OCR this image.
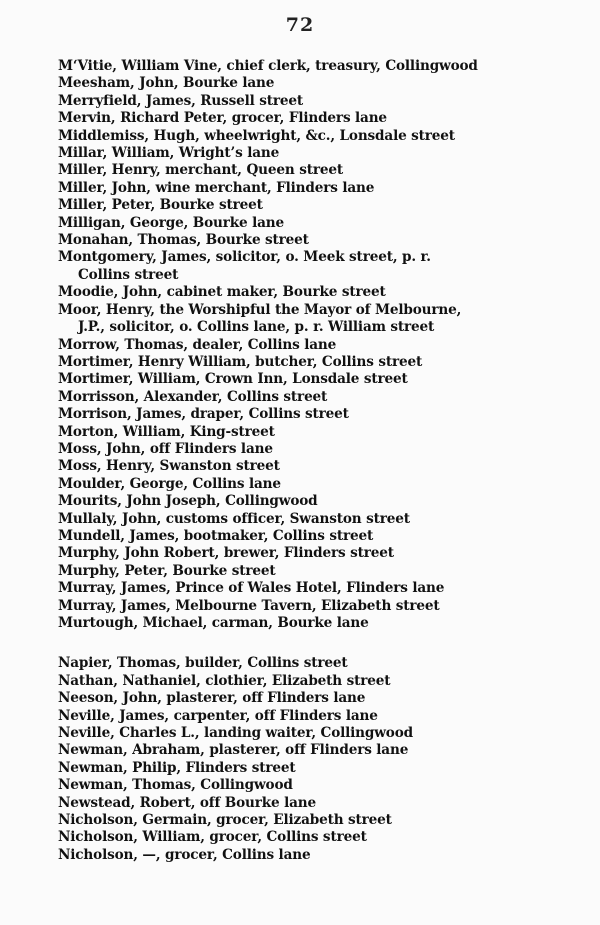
72
M‘Vitie, William Vine, chief clerk, treasury, Collingwood
Meesham, John, Bourke lane
Merryfield, James, Russell street
Mervin, Richard Peter, grocer, Flinders lane
Middlemiss, Hugh, wheelwright, &c., Lonsdale street
Millar, William, Wright’s lane
Miller, Henry, merchant, Queen street
Miller, John, wine merchant, Flinders lane
Miller, Peter, Bourke street
Milligan, George, Bourke lane
Monahan, Thomas, Bourke street
Montgomery, James, solicitor, o. Meek street, p. r. Collins street
Moodie, John, cabinet maker, Bourke street
Moor, Henry, the Worshipful the Mayor of Melbourne, J.P., solicitor, o. Collins lane, p. r. William street
Morrow, Thomas, dealer, Collins lane
Mortimer, Henry William, butcher, Collins street
Mortimer, William, Crown Inn, Lonsdale street
Morrisson, Alexander, Collins street
Morrison, James, draper, Collins street
Morton, William, King-street
Moss, John, off Flinders lane
Moss, Henry, Swanston street
Moulder, George, Collins lane
Mourits, John Joseph, Collingwood
Mullaly, John, customs officer, Swanston street
Mundell, James, bootmaker, Collins street
Murphy, John Robert, brewer, Flinders street
Murphy, Peter, Bourke street
Murray, James, Prince of Wales Hotel, Flinders lane
Murray, James, Melbourne Tavern, Elizabeth street
Murtough, Michael, carman, Bourke lane
Napier, Thomas, builder, Collins street
Nathan, Nathaniel, clothier, Elizabeth street
Neeson, John, plasterer, off Flinders lane
Neville, James, carpenter, off Flinders lane
Neville, Charles L., landing waiter, Collingwood
Newman, Abraham, plasterer, off Flinders lane
Newman, Philip, Flinders street
Newman, Thomas, Collingwood
Newstead, Robert, off Bourke lane
Nicholson, Germain, grocer, Elizabeth street
Nicholson, William, grocer, Collins street
Nicholson, —, grocer, Collins lane
